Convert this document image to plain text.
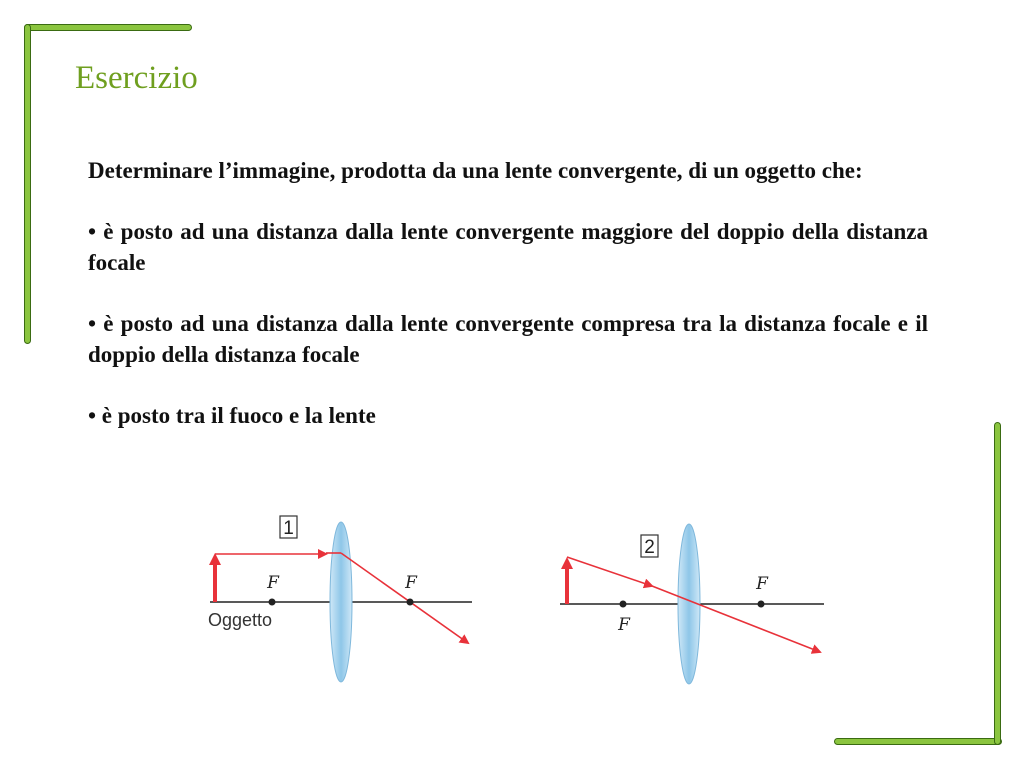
Esercizio

Determinare l’immagine, prodotta da una lente convergente, di un oggetto che:

• è posto ad una distanza dalla lente convergente maggiore del doppio della distanza focale

• è posto ad una distanza dalla lente convergente compresa tra la distanza focale e il doppio della distanza focale

• è posto tra il fuoco e la lente

1
F	F
Oggetto
2
F
F
